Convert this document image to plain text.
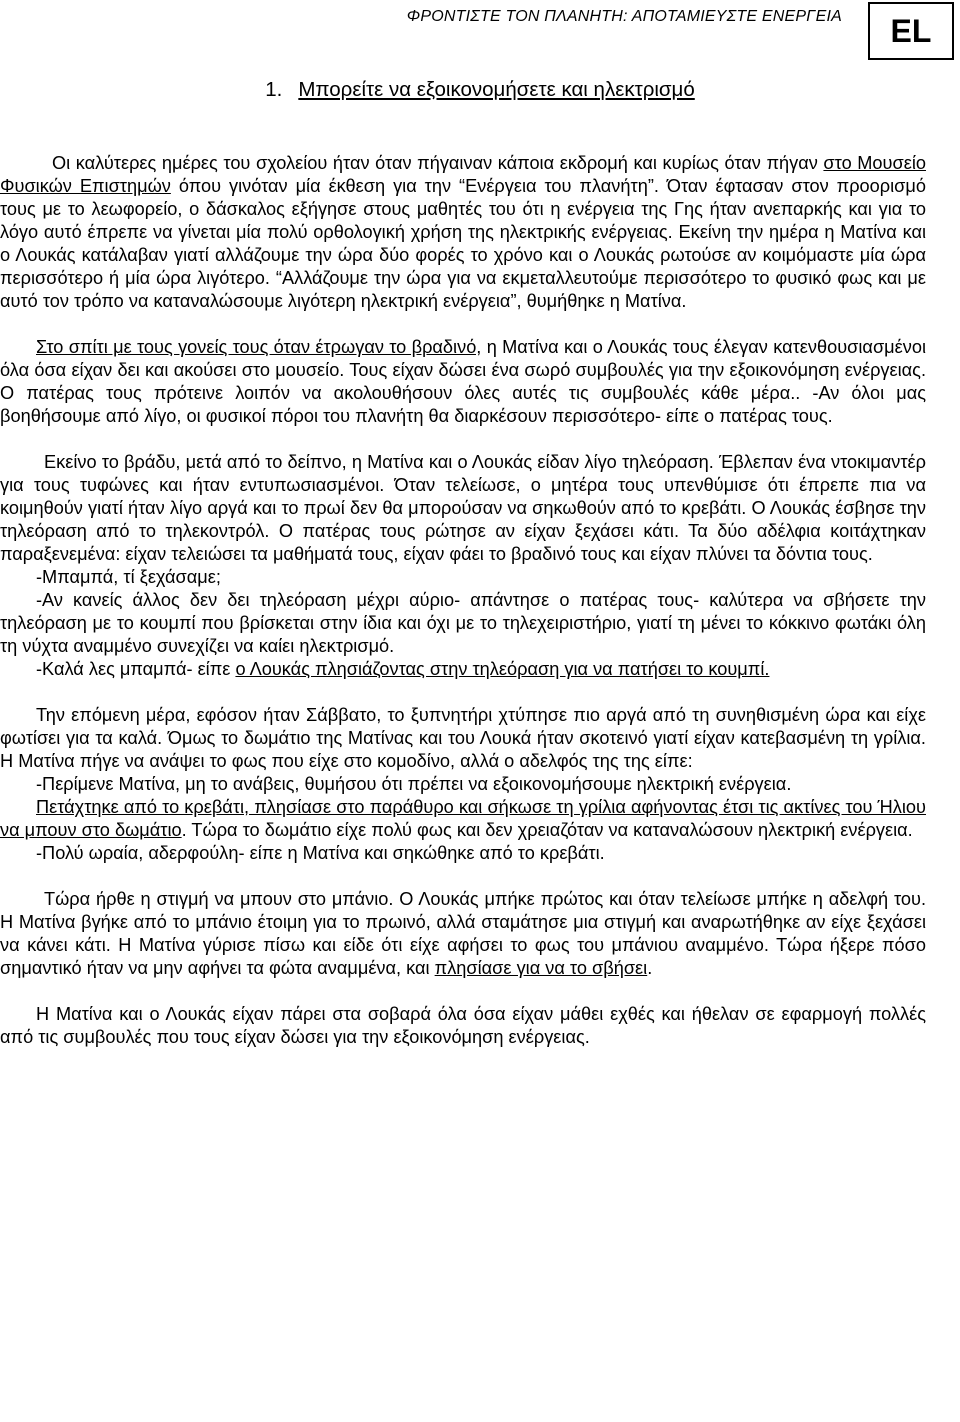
ΦΡΟΝΤΙΣΤΕ ΤΟΝ ΠΛΑΝΗΤΗ: ΑΠΟΤΑΜΙΕΥΣΤΕ ΕΝΕΡΓΕΙΑ	EL
1. Μπορείτε να εξοικονομήσετε και ηλεκτρισμό

Οι καλύτερες ημέρες του σχολείου ήταν όταν πήγαιναν κάποια εκδρομή και κυρίως όταν πήγαν στο Μουσείο Φυσικών Επιστημών όπου γινόταν μία έκθεση για την “Ενέργεια του πλανήτη”. Όταν έφτασαν στον προορισμό τους με το λεωφορείο, ο δάσκαλος εξήγησε στους μαθητές του ότι η ενέργεια της Γης ήταν ανεπαρκής και για το λόγο αυτό έπρεπε να γίνεται μία πολύ ορθολογική χρήση της ηλεκτρικής ενέργειας. Εκείνη την ημέρα η Ματίνα και ο Λουκάς κατάλαβαν γιατί αλλάζουμε την ώρα δύο φορές το χρόνο και ο Λουκάς ρωτούσε αν κοιμόμαστε μία ώρα περισσότερο ή μία ώρα λιγότερο. “Αλλάζουμε την ώρα για να εκμεταλλευτούμε περισσότερο το φυσικό φως και με αυτό τον τρόπο να καταναλώσουμε λιγότερη ηλεκτρική ενέργεια”, θυμήθηκε η Ματίνα.

Στο σπίτι με τους γονείς τους όταν έτρωγαν το βραδινό, η Ματίνα και ο Λουκάς τους έλεγαν κατενθουσιασμένοι όλα όσα είχαν δει και ακούσει στο μουσείο. Τους είχαν δώσει ένα σωρό συμβουλές για την εξοικονόμηση ενέργειας. Ο πατέρας τους πρότεινε λοιπόν να ακολουθήσουν όλες αυτές τις συμβουλές κάθε μέρα.. -Αν όλοι μας βοηθήσουμε από λίγο, οι φυσικοί πόροι του πλανήτη θα διαρκέσουν περισσότερο- είπε ο πατέρας τους.

Εκείνο το βράδυ, μετά από το δείπνο, η Ματίνα και ο Λουκάς είδαν λίγο τηλεόραση. Έβλεπαν ένα ντοκιμαντέρ για τους τυφώνες και ήταν εντυπωσιασμένοι. Όταν τελείωσε, ο μητέρα τους υπενθύμισε ότι έπρεπε πια να κοιμηθούν γιατί ήταν λίγο αργά και το πρωί δεν θα μπορούσαν να σηκωθούν από το κρεβάτι. Ο Λουκάς έσβησε την τηλεόραση από το τηλεκοντρόλ. Ο πατέρας τους ρώτησε αν είχαν ξεχάσει κάτι. Τα δύο αδέλφια κοιτάχτηκαν παραξενεμένα: είχαν τελειώσει τα μαθήματά τους, είχαν φάει το βραδινό τους και είχαν πλύνει τα δόντια τους.

-Μπαμπά, τί ξεχάσαμε;

-Αν κανείς άλλος δεν δει τηλεόραση μέχρι αύριο- απάντησε ο πατέρας τους- καλύτερα να σβήσετε την τηλεόραση με το κουμπί που βρίσκεται στην ίδια και όχι με το τηλεχειριστήριο, γιατί τη μένει το κόκκινο φωτάκι όλη τη νύχτα αναμμένο συνεχίζει να καίει ηλεκτρισμό.

-Καλά λες μπαμπά- είπε ο Λουκάς πλησιάζοντας στην τηλεόραση για να πατήσει το κουμπί.

Την επόμενη μέρα, εφόσον ήταν Σάββατο, το ξυπνητήρι χτύπησε πιο αργά από τη συνηθισμένη ώρα και είχε φωτίσει για τα καλά. Όμως το δωμάτιο της Ματίνας και του Λουκά ήταν σκοτεινό γιατί είχαν κατεβασμένη τη γρίλια. Η Ματίνα πήγε να ανάψει το φως που είχε στο κομοδίνο, αλλά ο αδελφός της της είπε:

-Περίμενε Ματίνα, μη το ανάβεις, θυμήσου ότι πρέπει να εξοικονομήσουμε ηλεκτρική ενέργεια.

Πετάχτηκε από το κρεβάτι, πλησίασε στο παράθυρο και σήκωσε τη γρίλια αφήνοντας έτσι τις ακτίνες του Ήλιου να μπουν στο δωμάτιο. Τώρα το δωμάτιο είχε πολύ φως και δεν χρειαζόταν να καταναλώσουν ηλεκτρική ενέργεια.

-Πολύ ωραία, αδερφούλη- είπε η Ματίνα και σηκώθηκε από το κρεβάτι.

Τώρα ήρθε η στιγμή να μπουν στο μπάνιο. Ο Λουκάς μπήκε πρώτος και όταν τελείωσε μπήκε η αδελφή του. Η Ματίνα βγήκε από το μπάνιο έτοιμη για το πρωινό, αλλά σταμάτησε μια στιγμή και αναρωτήθηκε αν είχε ξεχάσει να κάνει κάτι. Η Ματίνα γύρισε πίσω και είδε ότι είχε αφήσει το φως του μπάνιου αναμμένο. Τώρα ήξερε πόσο σημαντικό ήταν να μην αφήνει τα φώτα αναμμένα, και πλησίασε για να το σβήσει.

Η Ματίνα και ο Λουκάς είχαν πάρει στα σοβαρά όλα όσα είχαν μάθει εχθές και ήθελαν σε εφαρμογή πολλές από τις συμβουλές που τους είχαν δώσει για την εξοικονόμηση ενέργειας.
